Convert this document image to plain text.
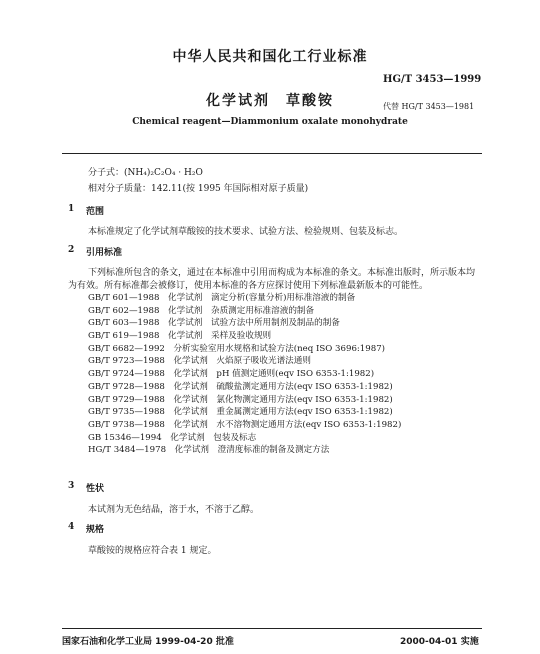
中华人民共和国化工行业标准
HG/T 3453—1999
化学试剂　草酸铵	代替 HG/T 3453—1981
Chemical reagent—Diammonium oxalate monohydrate
分子式：(NH₄)₂C₂O₄ · H₂O
相对分子质量：142.11(按 1995 年国际相对原子质量)
1 范围
本标准规定了化学试剂草酸铵的技术要求、试验方法、检验规则、包装及标志。
2 引用标准
下列标准所包含的条文，通过在本标准中引用而构成为本标准的条文。本标准出版时，所示版本均
为有效。所有标准都会被修订，使用本标准的各方应探讨使用下列标准最新版本的可能性。
GB/T 601—1988　化学试剂　滴定分析(容量分析)用标准溶液的制备
GB/T 602—1988　化学试剂　杂质测定用标准溶液的制备
GB/T 603—1988　化学试剂　试验方法中所用制剂及制品的制备
GB/T 619—1988　化学试剂　采样及验收规则
GB/T 6682—1992　分析实验室用水规格和试验方法(neq ISO 3696:1987)
GB/T 9723—1988　化学试剂　火焰原子吸收光谱法通则
GB/T 9724—1988　化学试剂　pH 值测定通则(eqv ISO 6353-1:1982)
GB/T 9728—1988　化学试剂　硫酸盐测定通用方法(eqv ISO 6353-1:1982)
GB/T 9729—1988　化学试剂　氯化物测定通用方法(eqv ISO 6353-1:1982)
GB/T 9735—1988　化学试剂　重金属测定通用方法(eqv ISO 6353-1:1982)
GB/T 9738—1988　化学试剂　水不溶物测定通用方法(eqv ISO 6353-1:1982)
GB 15346—1994　化学试剂　包装及标志
HG/T 3484—1978　化学试剂　澄清度标准的制备及测定方法
3 性状
本试剂为无色结晶，溶于水，不溶于乙醇。
4 规格
草酸铵的规格应符合表 1 规定。
国家石油和化学工业局 1999-04-20 批准	2000-04-01 实施
